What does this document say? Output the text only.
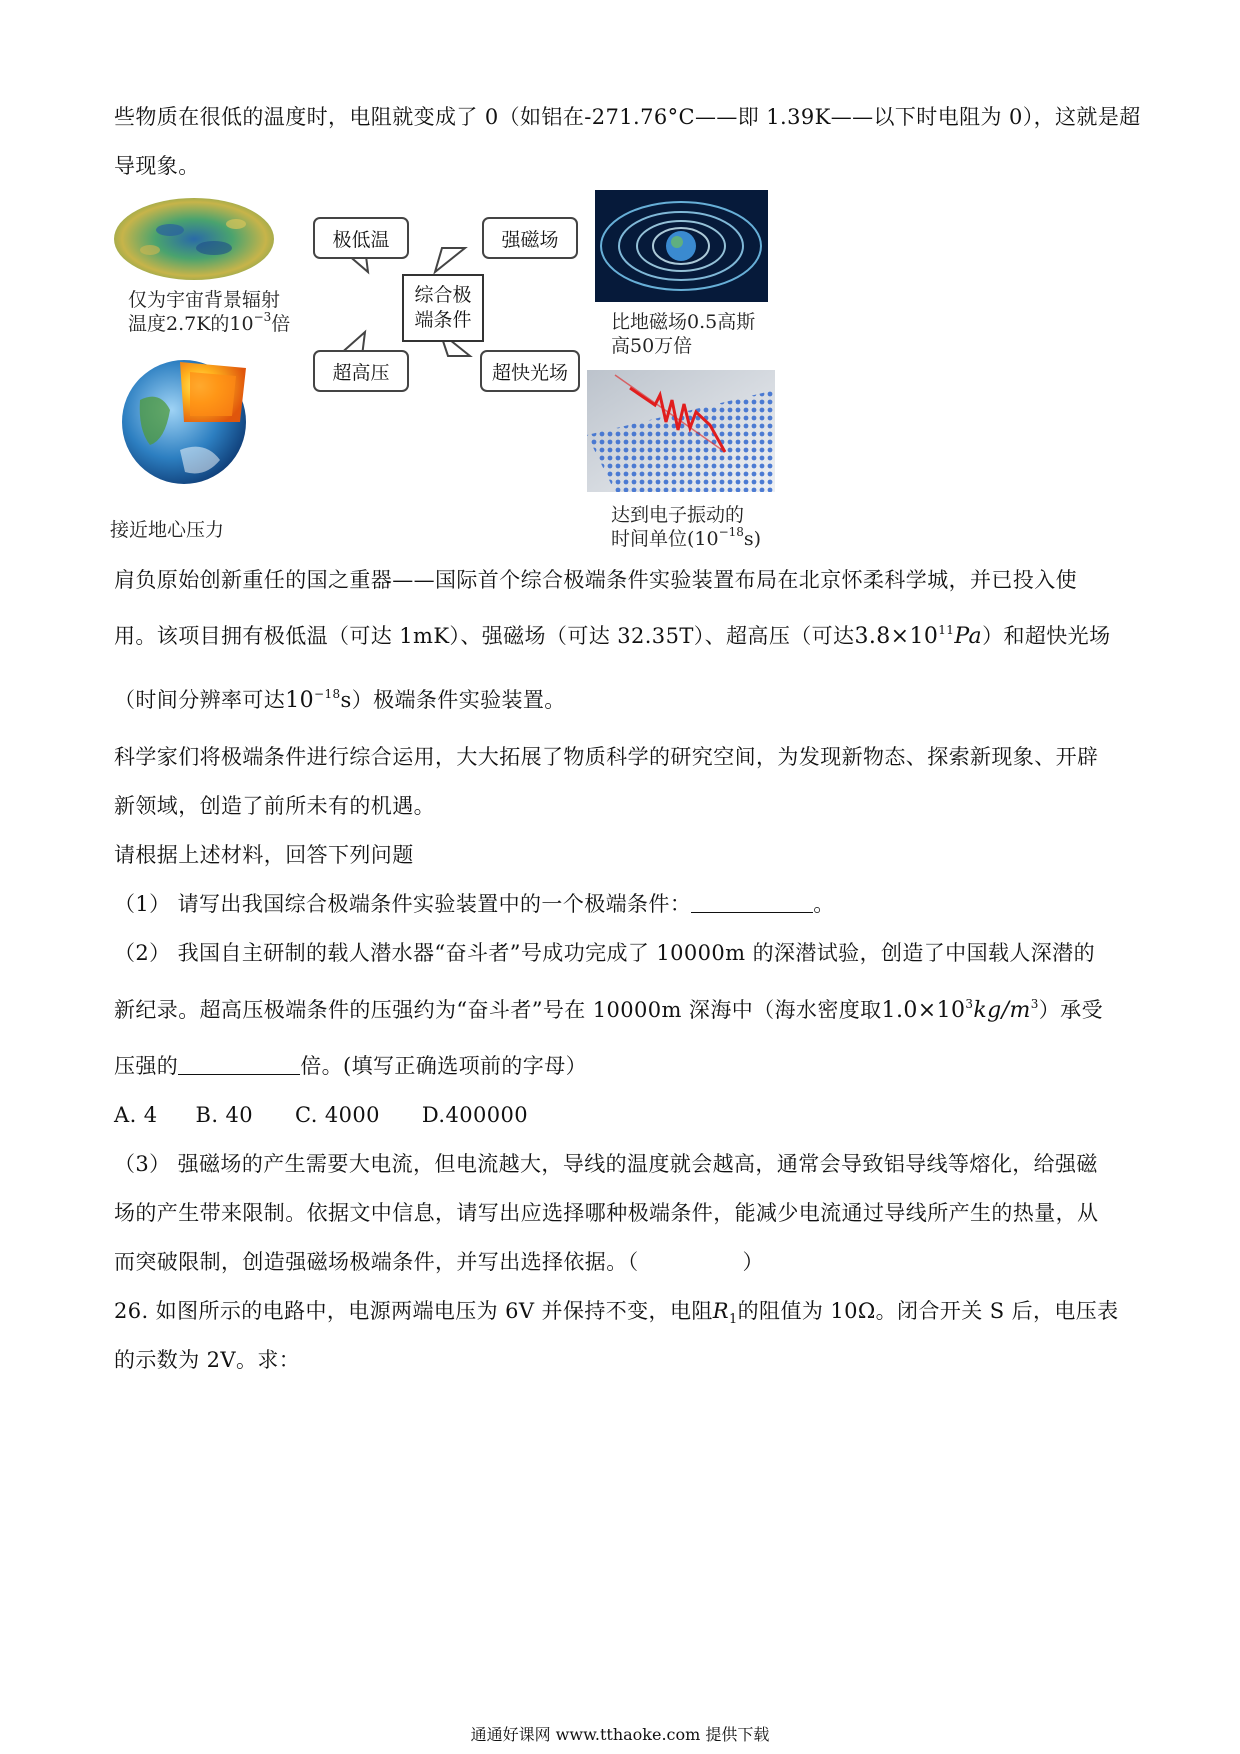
些物质在很低的温度时，电阻就变成了 0（如铝在-271.76°C——即 1.39K——以下时电阻为 0），这就是超
导现象。
极低温	强磁场
超高压	超快光场
综合极
端条件
仅为宇宙背景辐射
温度2.7K的$10^{-3}$倍
接近地心压力
比地磁场0.5高斯
高50万倍
达到电子振动的
时间单位$(10^{-18}s)$
肩负原始创新重任的国之重器——国际首个综合极端条件实验装置布局在北京怀柔科学城，并已投入使
用。该项目拥有极低温（可达 1mK）、强磁场（可达 32.35T）、超高压（可达$3.8\times 10^{11}Pa$）和超快光场
（时间分辨率可达$10^{-18}s$）极端条件实验装置。
科学家们将极端条件进行综合运用，大大拓展了物质科学的研究空间，为发现新物态、探索新现象、开辟
新领域，创造了前所未有的机遇。
请根据上述材料，回答下列问题
（1） 请写出我国综合极端条件实验装置中的一个极端条件：	。
（2） 我国自主研制的载人潜水器“奋斗者”号成功完成了 10000m 的深潜试验，创造了中国载人深潜的
新纪录。超高压极端条件的压强约为“奋斗者”号在 10000m 深海中（海水密度取$1.0\times 10^3kg/m^3$）承受
压强的	倍。(填写正确选项前的字母）
A. 4 B. 40 C. 4000 D.400000
（3） 强磁场的产生需要大电流，但电流越大，导线的温度就会越高，通常会导致铝导线等熔化，给强磁
场的产生带来限制。依据文中信息，请写出应选择哪种极端条件，能减少电流通过导线所产生的热量，从
而突破限制，创造强磁场极端条件，并写出选择依据。（	）
26. 如图所示的电路中，电源两端电压为 6V 并保持不变，电阻$R_1$的阻值为 10Ω。闭合开关 S 后，电压表
的示数为 2V。求：
通通好课网 www.tthaoke.com 提供下载
